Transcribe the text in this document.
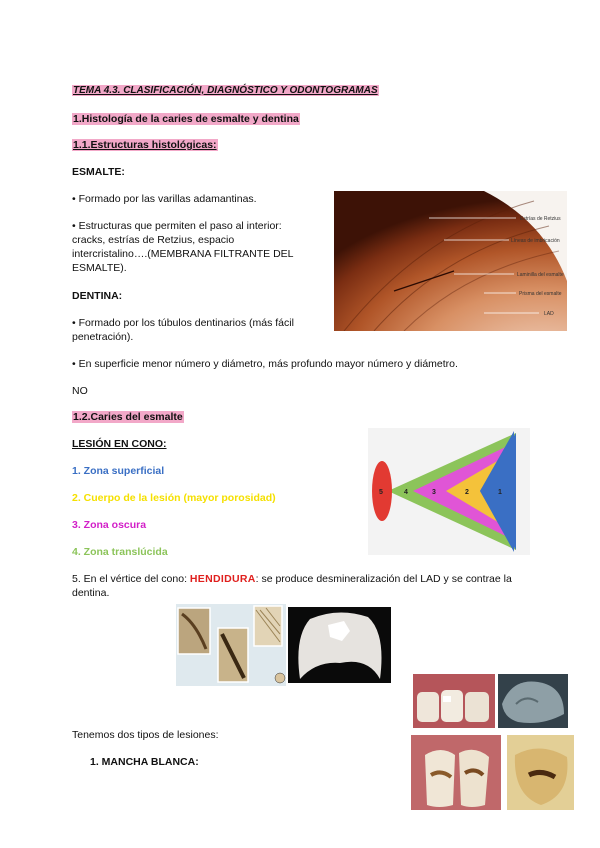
TEMA 4.3. CLASIFICACIÓN, DIAGNÓSTICO Y ODONTOGRAMAS
1.Histología de la caries de esmalte y dentina
1.1.Estructuras histológicas:
ESMALTE:
• Formado por las varillas adamantinas.
• Estructuras que permiten el paso al interior: cracks, estrías de Retzius, espacio intercristalino….(MEMBRANA FILTRANTE DEL ESMALTE).
DENTINA:
• Formado por los túbulos dentinarios (más fácil penetración).
• En superficie menor número y diámetro, más profundo mayor número y diámetro.
NO
1.2.Caries del esmalte
LESIÓN EN CONO:
1. Zona superficial
2. Cuerpo de la lesión (mayor porosidad)
3. Zona oscura
4. Zona translúcida
5. En el vértice del cono: HENDIDURA: se produce desmineralización del LAD y se contrae la dentina.
Tenemos dos tipos de lesiones:
1. MANCHA BLANCA:
Estrías de Retzius
Líneas de imbricación
Laminilla del esmalte
Prisma del esmalte
LAD
5	4	3	2	1
